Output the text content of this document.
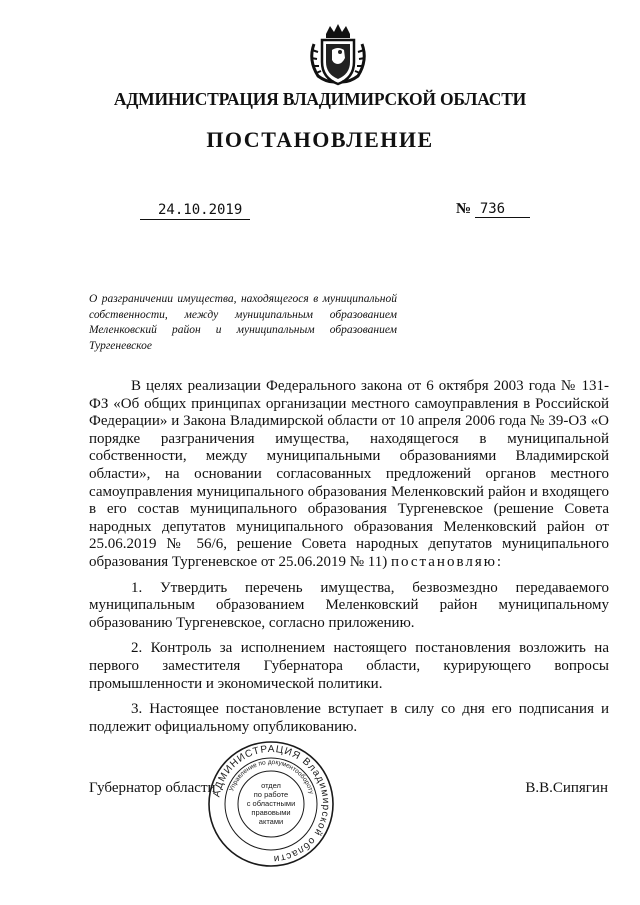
АДМИНИСТРАЦИЯ ВЛАДИМИРСКОЙ ОБЛАСТИ
ПОСТАНОВЛЕНИЕ
24.10.2019	№ 736
О разграничении имущества, находящегося в муниципальной собственности, между муниципальным образованием Меленковский район и муниципальным образованием Тургеневское

В целях реализации Федерального закона от 6 октября 2003 года № 131-ФЗ «Об общих принципах организации местного самоуправления в Российской Федерации» и Закона Владимирской области от 10 апреля 2006 года № 39-ОЗ «О порядке разграничения имущества, находящегося в муниципальной собственности, между муниципальными образованиями Владимирской области», на основании согласованных предложений органов местного самоуправления муниципального образования Меленковский район и входящего в его состав муниципального образования Тургеневское (решение Совета народных депутатов муниципального образования Меленковский район от 25.06.2019 № 56/6, решение Совета народных депутатов муниципального образования Тургеневское от 25.06.2019 № 11) постановляю:

1. Утвердить перечень имущества, безвозмездно передаваемого муниципальным образованием Меленковский район муниципальному образованию Тургеневское, согласно приложению.

2. Контроль за исполнением настоящего постановления возложить на первого заместителя Губернатора области, курирующего вопросы промышленности и экономической политики.

3. Настоящее постановление вступает в силу со дня его подписания и подлежит официальному опубликованию.

Губернатор области	В.В.Сипягин
АДМИНИСТРАЦИЯ Владимирской области
Управление по документообороту
отдел
по работе
с областными
правовыми
актами
